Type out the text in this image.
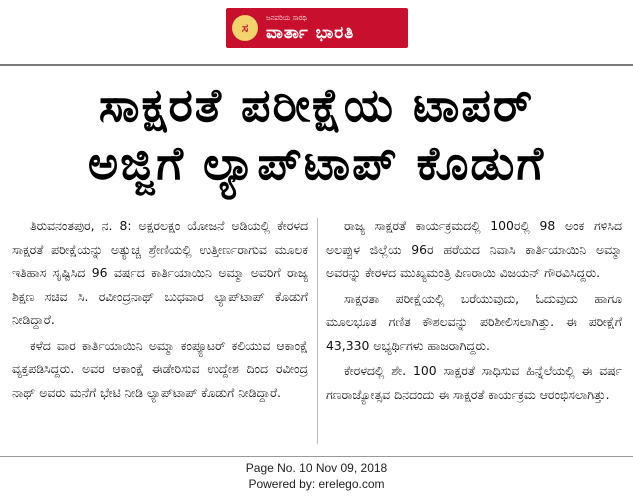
ಸ
ಜನಪರಿಯ ಸಾರಥಿ
ವಾರ್ತಾ ಭಾರತಿ
ಸಾಕ್ಷರತೆ ಪರೀಕ್ಷೆಯ ಟಾಪರ್
ಅಜ್ಜಿಗೆ ಲ್ಯಾಪ್‌ಟಾಪ್ ಕೊಡುಗೆ

ತಿರುವನಂತಪುರ, ನ. 8: ಅಕ್ಷರಲಕ್ಷಂ ಯೋಜನೆ ಅಡಿಯಲ್ಲಿ ಕೇರಳದ ಸಾಕ್ಷರತೆ ಪರೀಕ್ಷೆಯನ್ನು ಅತ್ಯುಚ್ಚ ಶ್ರೇಣಿಯಲ್ಲಿ ಉತ್ತೀರ್ಣರಾಗುವ ಮೂಲಕ ಇತಿಹಾಸ ಸೃಷ್ಟಿಸಿದ 96 ವರ್ಷದ ಕಾರ್ತಿಯಾಯಿನಿ ಅಮ್ಮಾ ಅವರಿಗೆ ರಾಜ್ಯ ಶಿಕ್ಷಣ ಸಚಿವ ಸಿ. ರವೀಂದ್ರನಾಥ್ ಬುಧವಾರ ಲ್ಯಾಪ್‌ಟಾಪ್ ಕೊಡುಗೆ ನೀಡಿದ್ದಾರೆ.

ಕಳೆದ ವಾರ ಕಾರ್ತಿಯಾಯಿನಿ ಅಮ್ಮಾ ಕಂಪ್ಯೂಟರ್ ಕಲಿಯುವ ಆಕಾಂಕ್ಷೆ ವ್ಯಕ್ತಪಡಿಸಿದ್ದರು. ಅವರ ಆಕಾಂಕ್ಷೆ ಈಡೇರಿಸುವ ಉದ್ದೇಶ ದಿಂದ ರವೀಂದ್ರ ನಾಥ್ ಅವರು ಮನೆಗೆ ಭೇಟಿ ನೀಡಿ ಲ್ಯಾಪ್‌ಟಾಪ್ ಕೊಡುಗೆ ನೀಡಿದ್ದಾರೆ.

ರಾಜ್ಯ ಸಾಕ್ಷರತೆ ಕಾರ್ಯಕ್ರಮದಲ್ಲಿ 100ರಲ್ಲಿ 98 ಅಂಕ ಗಳಿಸಿದ ಅಲಪ್ಪುಳ ಜಿಲ್ಲೆಯ 96ರ ಹರೆಯದ ನಿವಾಸಿ ಕಾರ್ತಿಯಾಯಿನಿ ಅಮ್ಮಾ ಅವರನ್ನು ಕೇರಳದ ಮುಖ್ಯಮಂತ್ರಿ ಪಿಣರಾಯಿ ವಿಜಯನ್ ಗೌರವಿಸಿದ್ದರು.

ಸಾಕ್ಷರತಾ ಪರೀಕ್ಷೆಯಲ್ಲಿ ಬರೆಯುವುದು, ಓದುವುದು ಹಾಗೂ ಮೂಲಭೂತ ಗಣಿತ ಕೌಶಲವನ್ನು ಪರಿಶೀಲಿಸಲಾಗಿತ್ತು. ಈ ಪರೀಕ್ಷೆಗೆ 43,330 ಅಭ್ಯರ್ಥಿಗಳು ಹಾಜರಾಗಿದ್ದರು.

ಕೇರಳದಲ್ಲಿ ಶೇ. 100 ಸಾಕ್ಷರತೆ ಸಾಧಿಸುವ ಹಿನ್ನೆಲೆಯಲ್ಲಿ ಈ ವರ್ಷ ಗಣರಾಜ್ಯೋತ್ಸವ ದಿನದಂದು ಈ ಸಾಕ್ಷರತೆ ಕಾರ್ಯಕ್ರಮ ಆರಂಭಿಸಲಾಗಿತ್ತು.

Page No. 10 Nov 09, 2018
Powered by: erelego.com
